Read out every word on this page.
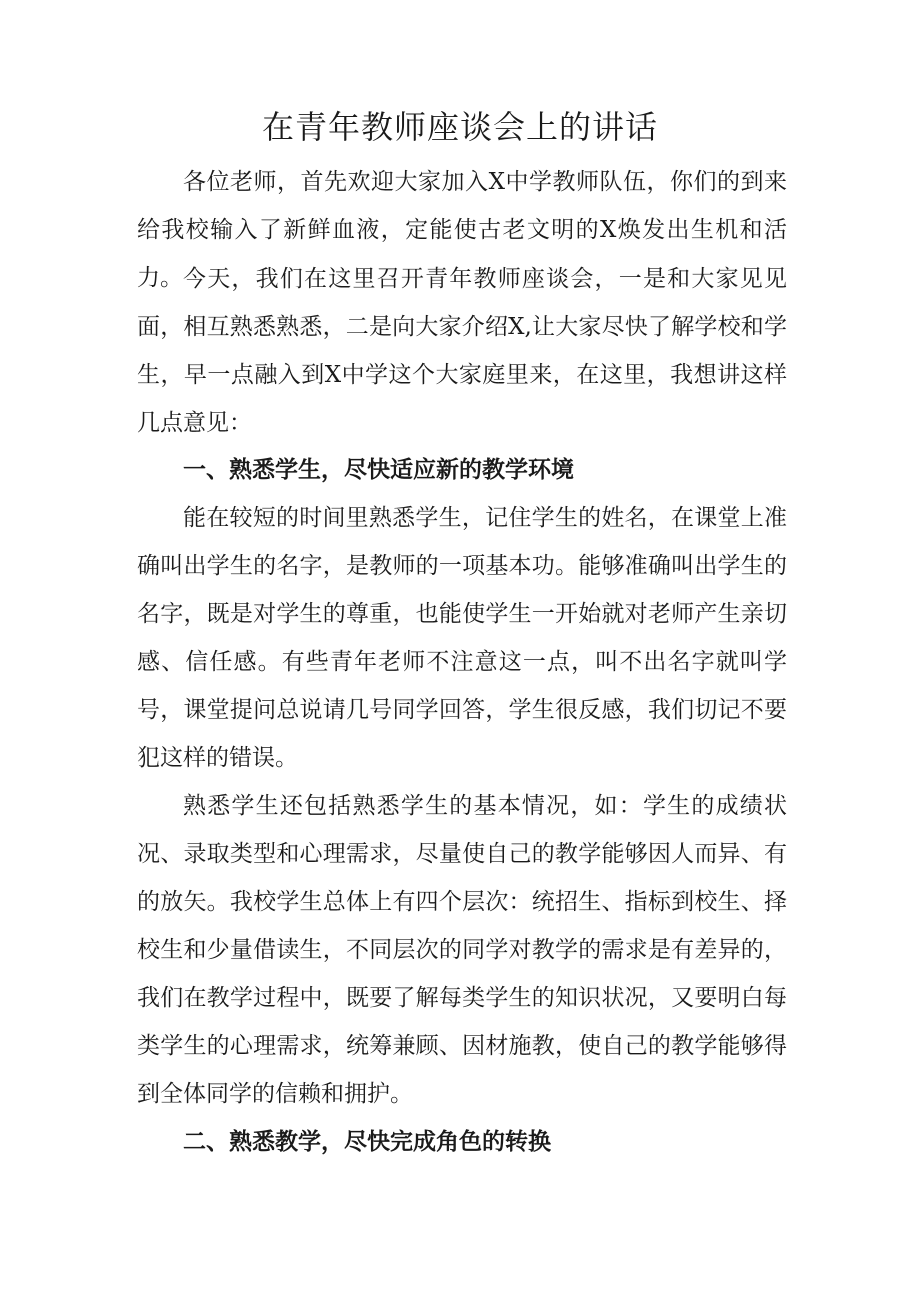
在青年教师座谈会上的讲话

各位老师，首先欢迎大家加入X中学教师队伍，你们的到来给我校输入了新鲜血液，定能使古老文明的X焕发出生机和活力。 今天，我们在这里召开青年教师座谈会，一是和大家见见面，相互熟悉熟悉，二是向大家介绍X,让大家尽快了解学校和学生，早一点融入到X中学这个大家庭里来，在这里，我想讲这样几点意见：

一、熟悉学生，尽快适应新的教学环境

能在较短的时间里熟悉学生，记住学生的姓名，在课堂上准确叫出学生的名字，是教师的一项基本功。能够准确叫出学生的名字，既是对学生的尊重，也能使学生一开始就对老师产生亲切感、信任感。有些青年老师不注意这一点，叫不出名字就叫学号，课堂提问总说请几号同学回答，学生很反感，我们切记不要犯这样的错误。

熟悉学生还包括熟悉学生的基本情况，如：学生的成绩状况、录取类型和心理需求，尽量使自己的教学能够因人而异、有的放矢。我校学生总体上有四个层次：统招生、指标到校生、择校生和少量借读生，不同层次的同学对教学的需求是有差异的，我们在教学过程中，既要了解每类学生的知识状况，又要明白每类学生的心理需求，统筹兼顾、因材施教，使自己的教学能够得到全体同学的信赖和拥护。

二、熟悉教学，尽快完成角色的转换
